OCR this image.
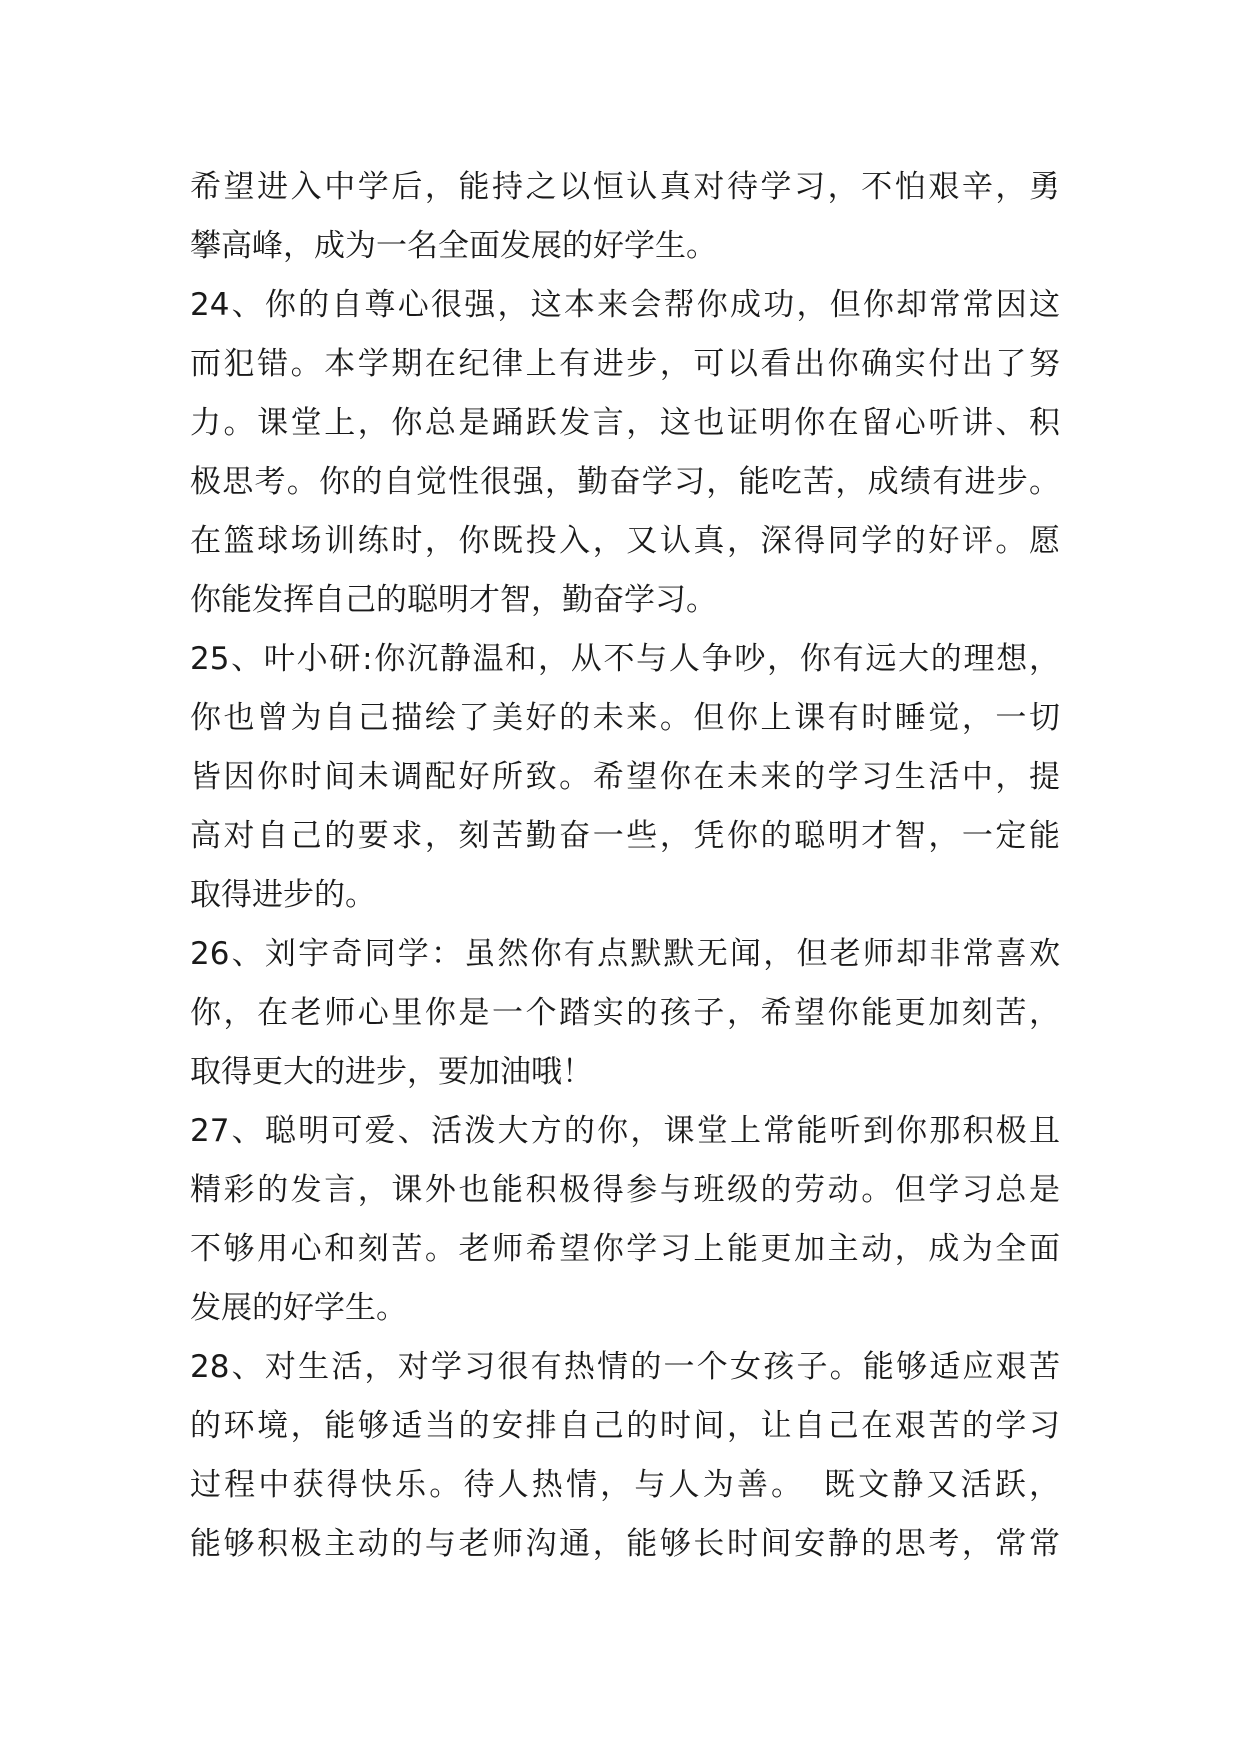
希望进入中学后，能持之以恒认真对待学习，不怕艰辛，勇
攀高峰，成为一名全面发展的好学生。
24、你的自尊心很强，这本来会帮你成功，但你却常常因这
而犯错。本学期在纪律上有进步，可以看出你确实付出了努
力。课堂上，你总是踊跃发言，这也证明你在留心听讲、积
极思考。你的自觉性很强，勤奋学习，能吃苦，成绩有进步。
在篮球场训练时，你既投入，又认真，深得同学的好评。愿
你能发挥自己的聪明才智，勤奋学习。
25、叶小研:你沉静温和，从不与人争吵，你有远大的理想，
你也曾为自己描绘了美好的未来。但你上课有时睡觉，一切
皆因你时间未调配好所致。希望你在未来的学习生活中，提
高对自己的要求，刻苦勤奋一些，凭你的聪明才智，一定能
取得进步的。
26、刘宇奇同学：虽然你有点默默无闻，但老师却非常喜欢
你，在老师心里你是一个踏实的孩子，希望你能更加刻苦，
取得更大的进步，要加油哦！
27、聪明可爱、活泼大方的你，课堂上常能听到你那积极且
精彩的发言，课外也能积极得参与班级的劳动。但学习总是
不够用心和刻苦。老师希望你学习上能更加主动，成为全面
发展的好学生。
28、对生活，对学习很有热情的一个女孩子。能够适应艰苦
的环境，能够适当的安排自己的时间，让自己在艰苦的学习
过程中获得快乐。待人热情，与人为善。　既文静又活跃，
能够积极主动的与老师沟通，能够长时间安静的思考，常常
